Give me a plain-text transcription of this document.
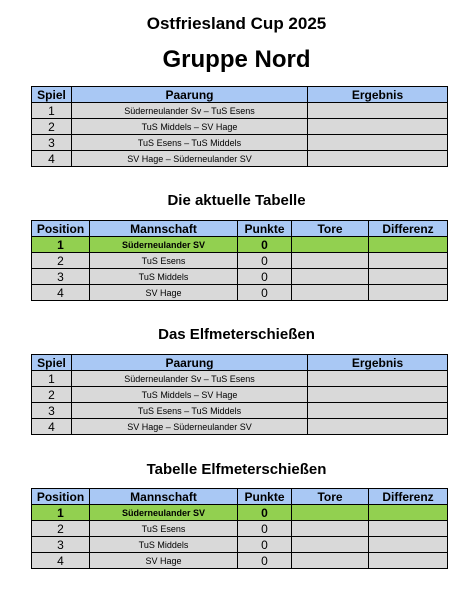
Ostfriesland Cup 2025
Gruppe Nord
Spiel	Paarung	Ergebnis
1	Süderneulander Sv – TuS Esens	
2	TuS Middels – SV Hage	
3	TuS Esens – TuS Middels	
4	SV Hage – Süderneulander SV	
Die aktuelle Tabelle
Position	Mannschaft	Punkte	Tore	Differenz
1	Süderneulander SV	0		
2	TuS Esens	0		
3	TuS Middels	0		
4	SV Hage	0		
Das Elfmeterschießen
Spiel	Paarung	Ergebnis
1	Süderneulander Sv – TuS Esens	
2	TuS Middels – SV Hage	
3	TuS Esens – TuS Middels	
4	SV Hage – Süderneulander SV	
Tabelle Elfmeterschießen
Position	Mannschaft	Punkte	Tore	Differenz
1	Süderneulander SV	0		
2	TuS Esens	0		
3	TuS Middels	0		
4	SV Hage	0		
